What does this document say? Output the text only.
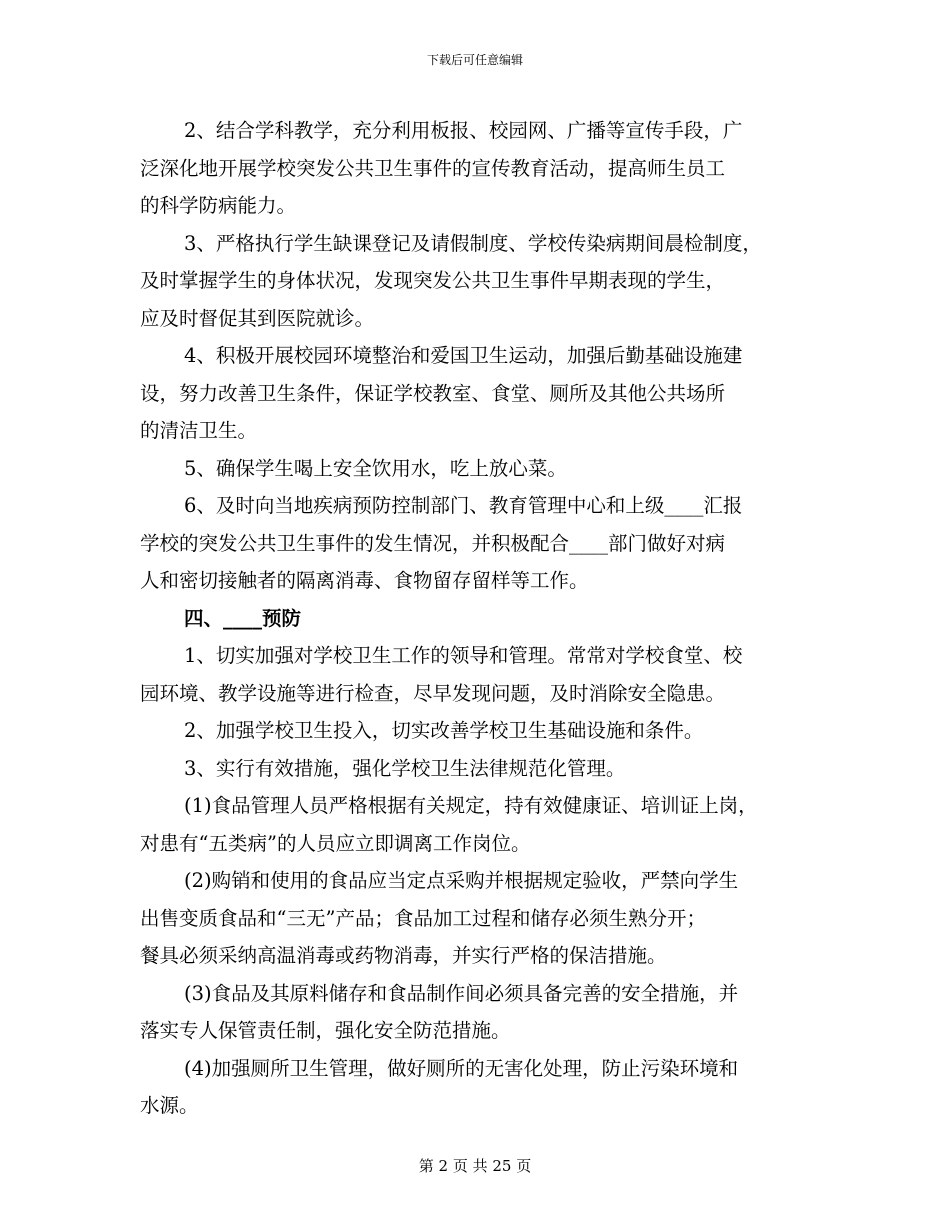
下载后可任意编辑

2、结合学科教学，充分利用板报、校园网、广播等宣传手段，广

泛深化地开展学校突发公共卫生事件的宣传教育活动，提高师生员工

的科学防病能力。

3、严格执行学生缺课登记及请假制度、学校传染病期间晨检制度，

及时掌握学生的身体状况，发现突发公共卫生事件早期表现的学生，

应及时督促其到医院就诊。

4、积极开展校园环境整治和爱国卫生运动，加强后勤基础设施建

设，努力改善卫生条件，保证学校教室、食堂、厕所及其他公共场所

的清洁卫生。

5、确保学生喝上安全饮用水，吃上放心菜。

6、及时向当地疾病预防控制部门、教育管理中心和上级____汇报

学校的突发公共卫生事件的发生情况，并积极配合____部门做好对病

人和密切接触者的隔离消毒、食物留存留样等工作。

四、____预防

1、切实加强对学校卫生工作的领导和管理。常常对学校食堂、校

园环境、教学设施等进行检查，尽早发现问题，及时消除安全隐患。

2、加强学校卫生投入，切实改善学校卫生基础设施和条件。

3、实行有效措施，强化学校卫生法律规范化管理。

(1)食品管理人员严格根据有关规定，持有效健康证、培训证上岗，

对患有“五类病”的人员应立即调离工作岗位。

(2)购销和使用的食品应当定点采购并根据规定验收，严禁向学生

出售变质食品和“三无”产品；食品加工过程和储存必须生熟分开；

餐具必须采纳高温消毒或药物消毒，并实行严格的保洁措施。

(3)食品及其原料储存和食品制作间必须具备完善的安全措施，并

落实专人保管责任制，强化安全防范措施。

(4)加强厕所卫生管理，做好厕所的无害化处理，防止污染环境和

水源。

第 2 页 共 25 页
